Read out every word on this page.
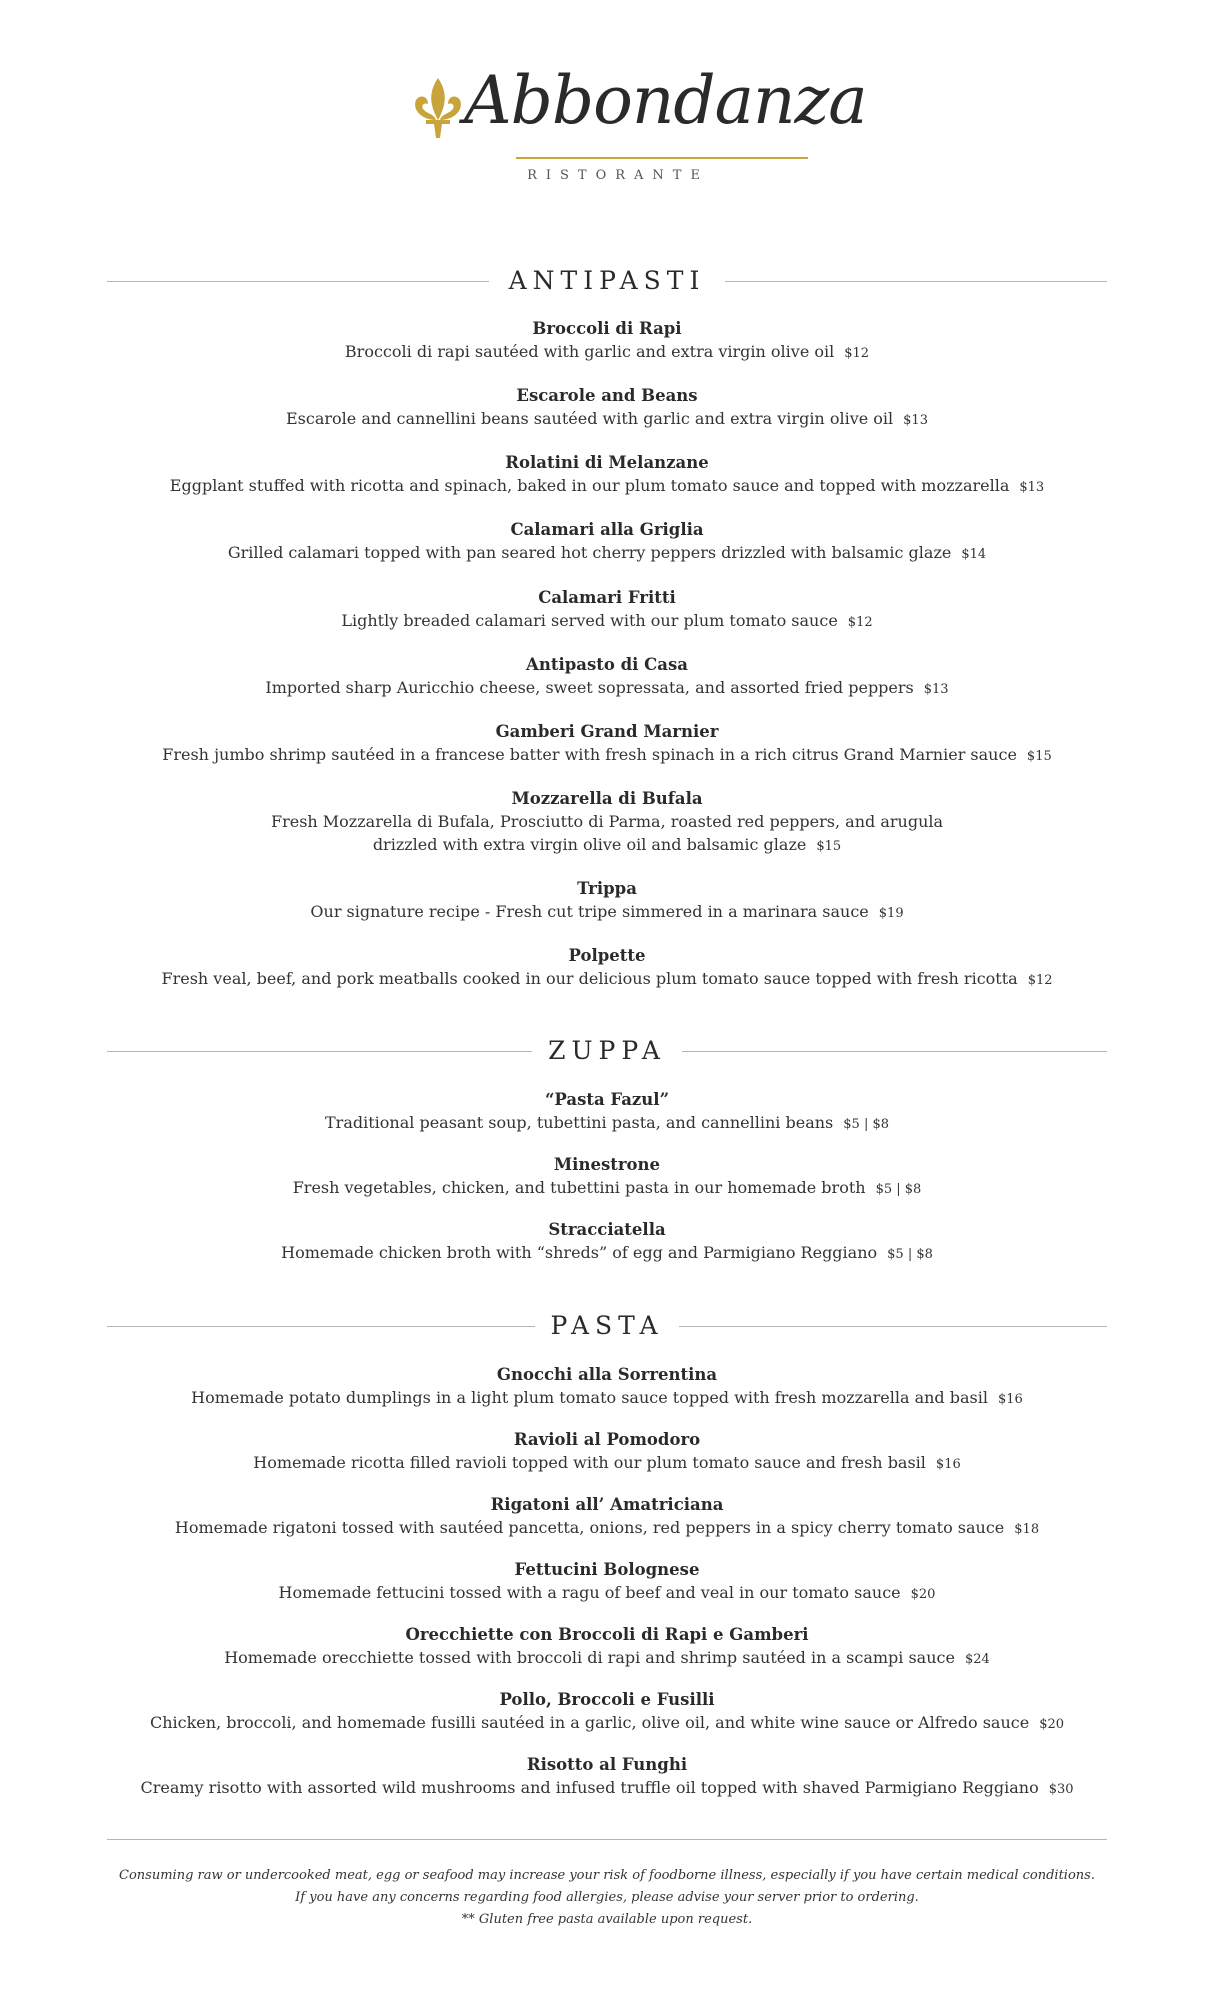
Abbondanza
RISTORANTE
ANTIPASTI
Broccoli di Rapi
Broccoli di rapi sautéed with garlic and extra virgin olive oil $12
Escarole and Beans
Escarole and cannellini beans sautéed with garlic and extra virgin olive oil $13
Rolatini di Melanzane
Eggplant stuffed with ricotta and spinach, baked in our plum tomato sauce and topped with mozzarella $13
Calamari alla Griglia
Grilled calamari topped with pan seared hot cherry peppers drizzled with balsamic glaze $14
Calamari Fritti
Lightly breaded calamari served with our plum tomato sauce $12
Antipasto di Casa
Imported sharp Auricchio cheese, sweet sopressata, and assorted fried peppers $13
Gamberi Grand Marnier
Fresh jumbo shrimp sautéed in a francese batter with fresh spinach in a rich citrus Grand Marnier sauce $15
Mozzarella di Bufala
Fresh Mozzarella di Bufala, Prosciutto di Parma, roasted red peppers, and arugula
drizzled with extra virgin olive oil and balsamic glaze $15
Trippa
Our signature recipe - Fresh cut tripe simmered in a marinara sauce $19
Polpette
Fresh veal, beef, and pork meatballs cooked in our delicious plum tomato sauce topped with fresh ricotta $12
ZUPPA
“Pasta Fazul”
Traditional peasant soup, tubettini pasta, and cannellini beans $5 | $8
Minestrone
Fresh vegetables, chicken, and tubettini pasta in our homemade broth $5 | $8
Stracciatella
Homemade chicken broth with “shreds” of egg and Parmigiano Reggiano $5 | $8
PASTA
Gnocchi alla Sorrentina
Homemade potato dumplings in a light plum tomato sauce topped with fresh mozzarella and basil $16
Ravioli al Pomodoro
Homemade ricotta filled ravioli topped with our plum tomato sauce and fresh basil $16
Rigatoni all’ Amatriciana
Homemade rigatoni tossed with sautéed pancetta, onions, red peppers in a spicy cherry tomato sauce $18
Fettucini Bolognese
Homemade fettucini tossed with a ragu of beef and veal in our tomato sauce $20
Orecchiette con Broccoli di Rapi e Gamberi
Homemade orecchiette tossed with broccoli di rapi and shrimp sautéed in a scampi sauce $24
Pollo, Broccoli e Fusilli
Chicken, broccoli, and homemade fusilli sautéed in a garlic, olive oil, and white wine sauce or Alfredo sauce $20
Risotto al Funghi
Creamy risotto with assorted wild mushrooms and infused truffle oil topped with shaved Parmigiano Reggiano $30
Consuming raw or undercooked meat, egg or seafood may increase your risk of foodborne illness, especially if you have certain medical conditions.
If you have any concerns regarding food allergies, please advise your server prior to ordering.
** Gluten free pasta available upon request.
